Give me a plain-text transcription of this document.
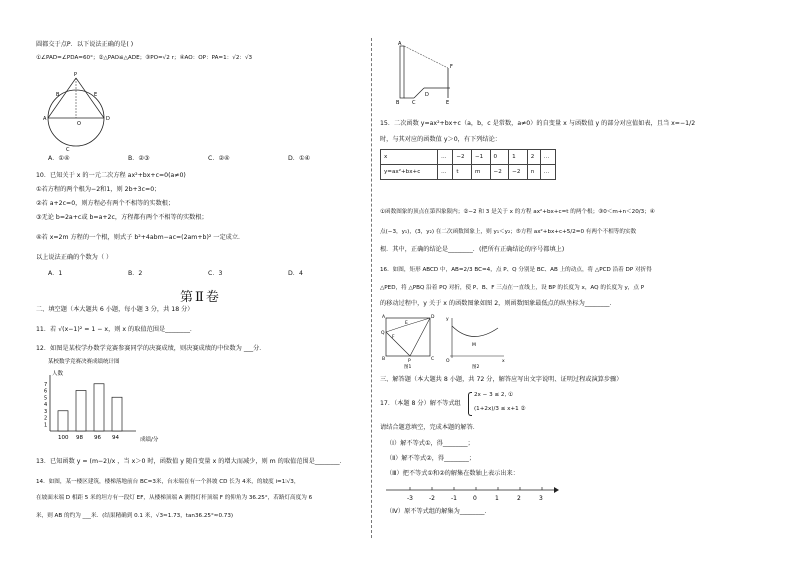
圆都交于点P．以下说法正确的是( )
①∠PAD=∠PDA=60°；②△PAO≌△ADE；③PO=√2 r；④AO：OP：PA=1：√2：√3
A
B
C
D
E
P
O
A．①④	B．②③	C．②④	D．①④
10．已知关于 x 的一元二次方程 ax²+bx+c=0(a≠0)
①若方程的两个根为−2和1，则 2b+3c=0；
②若 a+2c=0，则方程必有两个不相等的实数根；
③无论 b=2a+c或 b=a+2c，方程都有两个不相等的实数根；
④若 x=2m 方程的一个根，则式子 b²+4abm−ac=(2am+b)² 一定成立．
以上说法正确的个数为（ ）
A．1	B．2	C．3	D．4
第Ⅱ卷
二、填空题（本大题共 6 小题，每小题 3 分，共 18 分）
11．若 √(x−1)² = 1 − x，则 x 的取值范围是________．
12．如图是某校学办数学竞赛参赛同学的决赛成绩，则决赛成绩的中位数为 ___分．
某校数学竞赛决赛成绩统计图
人数
1
2
3
4
5
6
7
100 98 96 94	成绩/分
13．已知函数 y = (m−2)/x ，当 x＞0 时，函数值 y 随自变量 x 的增大而减少，则 m 的取值范围是________．
14．如图，某一楼区建筑，楼梯落地前台 BC=3米，台末端在有一个斜坡 CD 长为 4米，的坡度 i=1∶√3，
在坡面末端 D 相距 5 米的坦方有一段灯 EF，从楼梯顶端 A 测得灯杆顶端 F 的仰角为 36.25°，若路灯高度为 6
米，则 AB 的约为 ___米．(结果精确到 0.1 米，√3≈1.73，tan36.25°≈0.73)
A
F
B	C
D
E
15．二次函数 y=ax²+bx+c（a，b，c 是常数，a≠0）的自变量 x 与函数值 y 的部分对应值如表，且当 x=−1/2
时，与其对应的函数值 y＞0，有下列结论：
x	…	−2	−1	0	1	2	…
y=ax²+bx+c	…	t	m	−2	−2	n	…
①函数图象的顶点在第四象限内；②−2 和 3 是关于 x 的方程 ax²+bx+c=t 的两个根；③0＜m+n＜20/3；④
点(−3，y₁)，(3，y₂) 在二次函数图象上，则 y₁＜y₂；⑤方程 ax²+bx+c+5/2=0 有两个不相等的实数
根．其中，正确的结论是________．(把所有正确结论的序号都填上)
16．如图，矩形 ABCD 中，AB=2/3 BC=4，点 P、Q 分别是 BC、AB 上的动点，将 △PCD 沿着 DP 对折得
△PED，将 △PBQ 沿着 PQ 对折，使 P、B、F 三点在一直线上，设 BP 的长度为 x，AQ 的长度为 y，点 P
的移动过程中，y 关于 x 的函数图象如图 2，则函数图象最低点的纵坐标为________．
A	D
B	P	C
Q
E
F
图1
O	x
y
M
图2
三、解答题（本大题共 8 小题，共 72 分，解答应写出文字说明、证明过程或演算步骤）
17．（本题 8 分）解不等式组
2x − 3 ≤ 2, ①
(1+2x)/3 ≤ x+1 ②
请结合题意填空，完成本题的解答．
（Ⅰ）解不等式①，得________；
（Ⅱ）解不等式②，得________；
（Ⅲ）把不等式①和②的解集在数轴上表示出来：
-3	-2	-1	0	1	2	3
（Ⅳ）原不等式组的解集为________．
